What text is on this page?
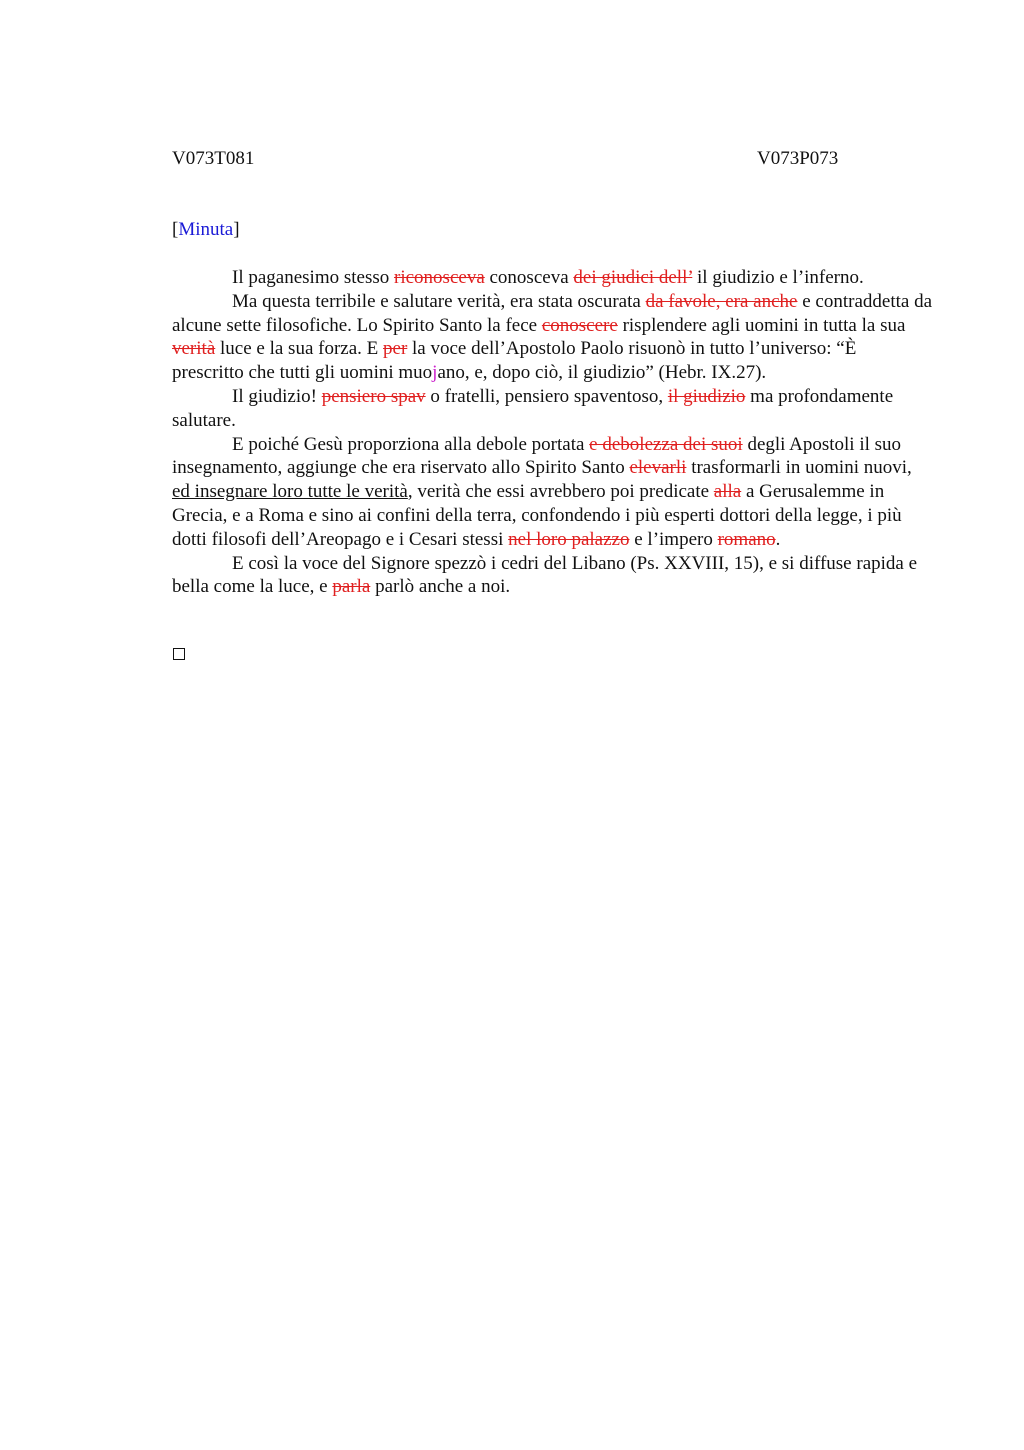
V073T081	V073P073
[Minuta]

Il paganesimo stesso riconosceva conosceva dei giudici dell’ il giudizio e l’inferno.

Ma questa terribile e salutare verità, era stata oscurata da favole, era anche e contraddetta da alcune sette filosofiche. Lo Spirito Santo la fece conoscere risplendere agli uomini in tutta la sua verità luce e la sua forza. E per la voce dell’Apostolo Paolo risuonò in tutto l’universo: “È prescritto che tutti gli uomini muojano, e, dopo ciò, il giudizio” (Hebr. IX.27).

Il giudizio! pensiero spav o fratelli, pensiero spaventoso, il giudizio ma profondamente salutare.

E poiché Gesù proporziona alla debole portata e debolezza dei suoi degli Apostoli il suo insegnamento, aggiunge che era riservato allo Spirito Santo elevarli trasformarli in uomini nuovi, ed insegnare loro tutte le verità, verità che essi avrebbero poi predicate alla a Gerusalemme in Grecia, e a Roma e sino ai confini della terra, confondendo i più esperti dottori della legge, i più dotti filosofi dell’Areopago e i Cesari stessi nel loro palazzo e l’impero romano.

E così la voce del Signore spezzò i cedri del Libano (Ps. XXVIII, 15), e si diffuse rapida e bella come la luce, e parla parlò anche a noi.
